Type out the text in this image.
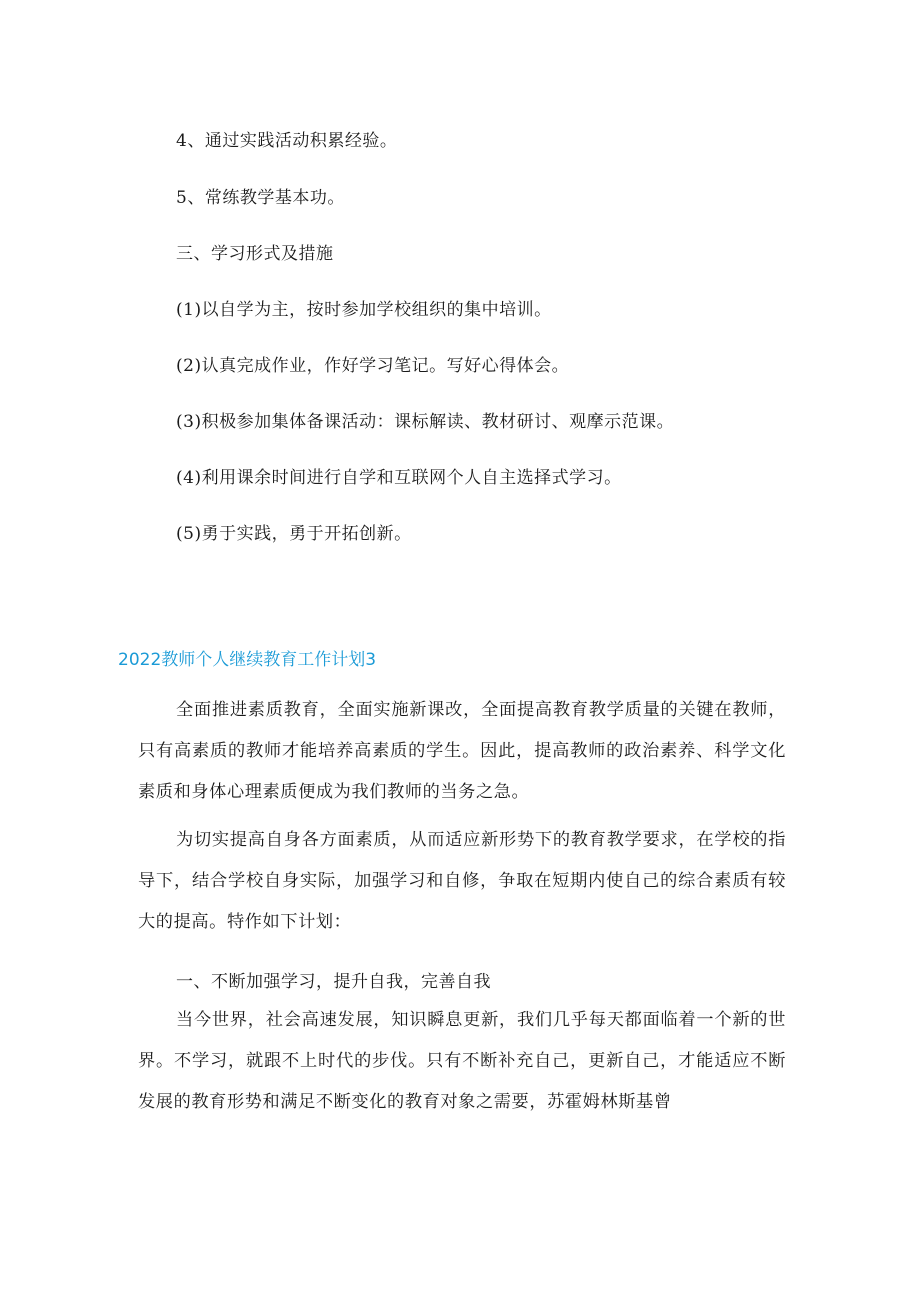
4、通过实践活动积累经验。
5、常练教学基本功。
三、学习形式及措施
(1)以自学为主，按时参加学校组织的集中培训。
(2)认真完成作业，作好学习笔记。写好心得体会。
(3)积极参加集体备课活动：课标解读、教材研讨、观摩示范课。
(4)利用课余时间进行自学和互联网个人自主选择式学习。
(5)勇于实践，勇于开拓创新。
2022教师个人继续教育工作计划3
全面推进素质教育，全面实施新课改，全面提高教育教学质量的关键在教师，只有高素质的教师才能培养高素质的学生。因此，提高教师的政治素养、科学文化素质和身体心理素质便成为我们教师的当务之急。
为切实提高自身各方面素质，从而适应新形势下的教育教学要求，在学校的指导下，结合学校自身实际，加强学习和自修，争取在短期内使自己的综合素质有较大的提高。特作如下计划：
一、不断加强学习，提升自我，完善自我
当今世界，社会高速发展，知识瞬息更新，我们几乎每天都面临着一个新的世界。不学习，就跟不上时代的步伐。只有不断补充自己，更新自己，才能适应不断发展的教育形势和满足不断变化的教育对象之需要，苏霍姆林斯基曾
